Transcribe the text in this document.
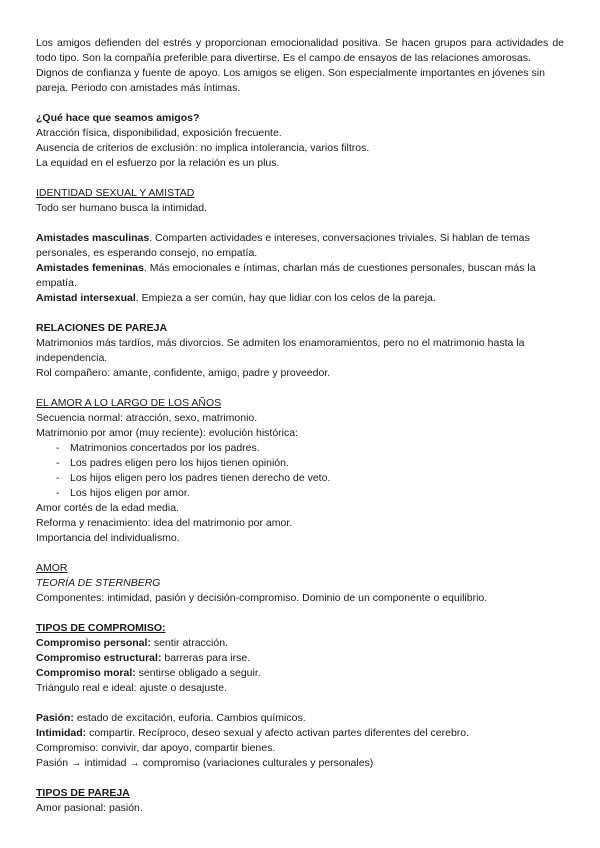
Los amigos defienden del estrés y proporcionan emocionalidad positiva. Se hacen grupos para actividades de todo tipo. Son la compañía preferible para divertirse. Es el campo de ensayos de las relaciones amorosas.

Dignos de confianza y fuente de apoyo. Los amigos se eligen. Son especialmente importantes en jóvenes sin pareja. Periodo con amistades más íntimas.

¿Qué hace que seamos amigos?

Atracción física, disponibilidad, exposición frecuente.

Ausencia de criterios de exclusión: no implica intolerancia, varios filtros.

La equidad en el esfuerzo por la relación es un plus.

IDENTIDAD SEXUAL Y AMISTAD

Todo ser humano busca la intimidad.

Amistades masculinas. Comparten actividades e intereses, conversaciones triviales. Si hablan de temas personales, es esperando consejo, no empatía.

Amistades femeninas. Más emocionales e íntimas, charlan más de cuestiones personales, buscan más la empatía.

Amistad intersexual. Empieza a ser común, hay que lidiar con los celos de la pareja.

RELACIONES DE PAREJA

Matrimonios más tardíos, más divorcios. Se admiten los enamoramientos, pero no el matrimonio hasta la independencia.

Rol compañero: amante, confidente, amigo, padre y proveedor.

EL AMOR A LO LARGO DE LOS AÑOS

Secuencia normal: atracción, sexo, matrimonio.

Matrimonio por amor (muy reciente): evolución histórica:

- Matrimonios concertados por los padres.
- Los padres eligen pero los hijos tienen opinión.
- Los hijos eligen pero los padres tienen derecho de veto.
- Los hijos eligen por amor.

Amor cortés de la edad media.

Reforma y renacimiento: idea del matrimonio por amor.

Importancia del individualismo.

AMOR

TEORÍA DE STERNBERG

Componentes: intimidad, pasión y decisión-compromiso. Dominio de un componente o equilibrio.

TIPOS DE COMPROMISO:

Compromiso personal: sentir atracción.

Compromiso estructural: barreras para irse.

Compromiso moral: sentirse obligado a seguir.

Triángulo real e ideal: ajuste o desajuste.

Pasión: estado de excitación, euforia. Cambios químicos.

Intimidad: compartir. Recíproco, deseo sexual y afecto activan partes diferentes del cerebro.

Compromiso: convivir, dar apoyo, compartir bienes.

Pasión → intimidad → compromiso (variaciones culturales y personales)

TIPOS DE PAREJA

Amor pasional: pasión.
